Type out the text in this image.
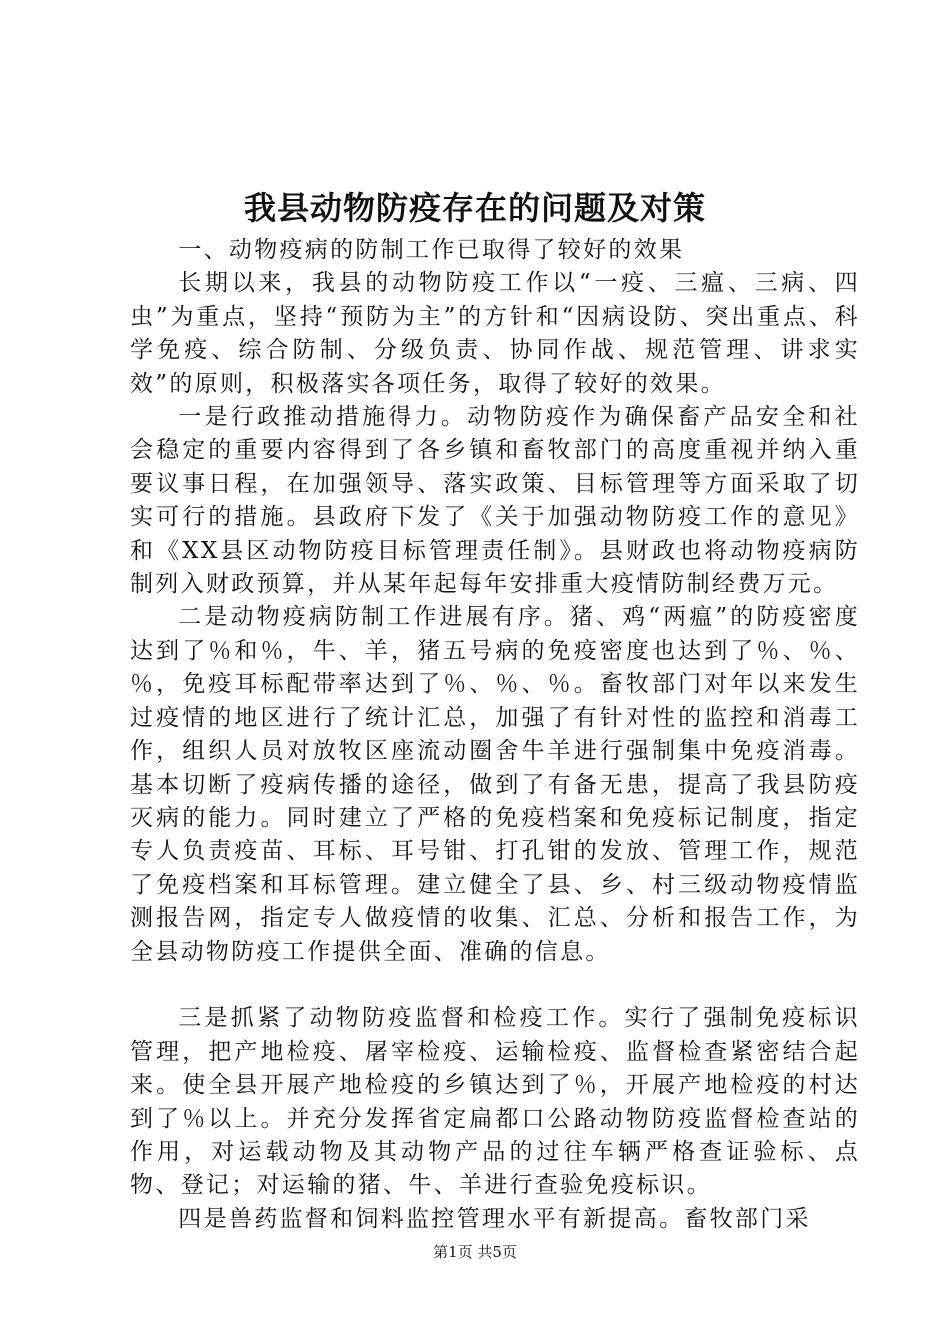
我县动物防疫存在的问题及对策

一、动物疫病的防制工作已取得了较好的效果

长期以来，我县的动物防疫工作以“一疫、三瘟、三病、四虫”为重点，坚持“预防为主”的方针和“因病设防、突出重点、科学免疫、综合防制、分级负责、协同作战、规范管理、讲求实效”的原则，积极落实各项任务，取得了较好的效果。

一是行政推动措施得力。动物防疫作为确保畜产品安全和社会稳定的重要内容得到了各乡镇和畜牧部门的高度重视并纳入重要议事日程，在加强领导、落实政策、目标管理等方面采取了切实可行的措施。县政府下发了《关于加强动物防疫工作的意见》和《XX县区动物防疫目标管理责任制》。县财政也将动物疫病防制列入财政预算，并从某年起每年安排重大疫情防制经费万元。

二是动物疫病防制工作进展有序。猪、鸡“两瘟”的防疫密度达到了％和％，牛、羊，猪五号病的免疫密度也达到了％、％、％，免疫耳标配带率达到了％、％、％。畜牧部门对年以来发生过疫情的地区进行了统计汇总，加强了有针对性的监控和消毒工作，组织人员对放牧区座流动圈舍牛羊进行强制集中免疫消毒。基本切断了疫病传播的途径，做到了有备无患，提高了我县防疫灭病的能力。同时建立了严格的免疫档案和免疫标记制度，指定专人负责疫苗、耳标、耳号钳、打孔钳的发放、管理工作，规范了免疫档案和耳标管理。建立健全了县、乡、村三级动物疫情监测报告网，指定专人做疫情的收集、汇总、分析和报告工作，为全县动物防疫工作提供全面、准确的信息。

三是抓紧了动物防疫监督和检疫工作。实行了强制免疫标识管理，把产地检疫、屠宰检疫、运输检疫、监督检查紧密结合起来。使全县开展产地检疫的乡镇达到了％，开展产地检疫的村达到了％以上。并充分发挥省定扁都口公路动物防疫监督检查站的作用，对运载动物及其动物产品的过往车辆严格查证验标、点物、登记；对运输的猪、牛、羊进行查验免疫标识。

四是兽药监督和饲料监控管理水平有新提高。畜牧部门采

第1页 共5页
